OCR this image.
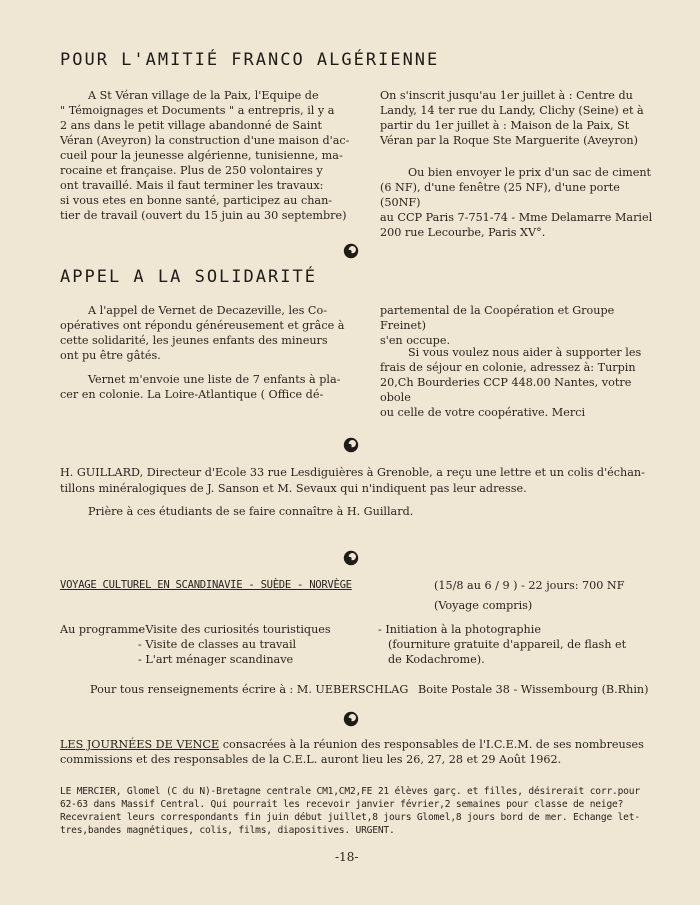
POUR L'AMITIÉ FRANCO ALGÉRIENNE
A St Véran village de la Paix, l'Equipe de
" Témoignages et Documents " a entrepris, il y a
2 ans dans le petit village abandonné de Saint
Véran (Aveyron) la construction d'une maison d'ac-
cueil pour la jeunesse algérienne, tunisienne, ma-
rocaine et française. Plus de 250 volontaires y
ont travaillé. Mais il faut terminer les travaux:
si vous etes en bonne santé, participez au chan-
tier de travail (ouvert du 15 juin au 30 septembre)
On s'inscrit jusqu'au 1er juillet à : Centre du
Landy, 14 ter rue du Landy, Clichy (Seine) et à
partir du 1er juillet à : Maison de la Paix, St
Véran par la Roque Ste Marguerite (Aveyron)
Ou bien envoyer le prix d'un sac de ciment
(6 NF), d'une fenêtre (25 NF), d'une porte (50NF)
au CCP Paris 7-751-74 - Mme Delamarre Mariel
200 rue Lecourbe, Paris XV°.
APPEL A LA SOLIDARITÉ
A l'appel de Vernet de Decazeville, les Co-
opératives ont répondu généreusement et grâce à
cette solidarité, les jeunes enfants des mineurs
ont pu être gâtés.
Vernet m'envoie une liste de 7 enfants à pla-
cer en colonie. La Loire-Atlantique ( Office dé-
partemental de la Coopération et Groupe Freinet)
s'en occupe.
Si vous voulez nous aider à supporter les
frais de séjour en colonie, adressez à: Turpin
20,Ch Bourderies CCP 448.00 Nantes, votre obole
ou celle de votre coopérative. Merci
H. GUILLARD, Directeur d'Ecole 33 rue Lesdiguières à Grenoble, a reçu une lettre et un colis d'échan-
tillons minéralogiques de J. Sanson et M. Sevaux qui n'indiquent pas leur adresse.
Prière à ces étudiants de se faire connaître à H. Guillard.
VOYAGE CULTUREL EN SCANDINAVIE - SUÈDE - NORVÈGE	(15/8 au 6 / 9 ) - 22 jours: 700 NF
(Voyage compris)
Au programme
- Visite des curiosités touristiques
- Visite de classes au travail
- L'art ménager scandinave
- Initiation à la photographie
(fourniture gratuite d'appareil, de flash et
de Kodachrome).
Pour tous renseignements écrire à : M. UEBERSCHLAG Boite Postale 38 - Wissembourg (B.Rhin)
LES JOURNÉES DE VENCE consacrées à la réunion des responsables de l'I.C.E.M. de ses nombreuses
commissions et des responsables de la C.E.L. auront lieu les 26, 27, 28 et 29 Août 1962.
LE MERCIER, Glomel (C du N)-Bretagne centrale CM1,CM2,FE 21 élèves garç. et filles, désirerait corr.pour
62-63 dans Massif Central. Qui pourrait les recevoir janvier février,2 semaines pour classe de neige?
Recevraient leurs correspondants fin juin début juillet,8 jours Glomel,8 jours bord de mer. Echange let-
tres,bandes magnétiques, colis, films, diapositives. URGENT.
-18-
